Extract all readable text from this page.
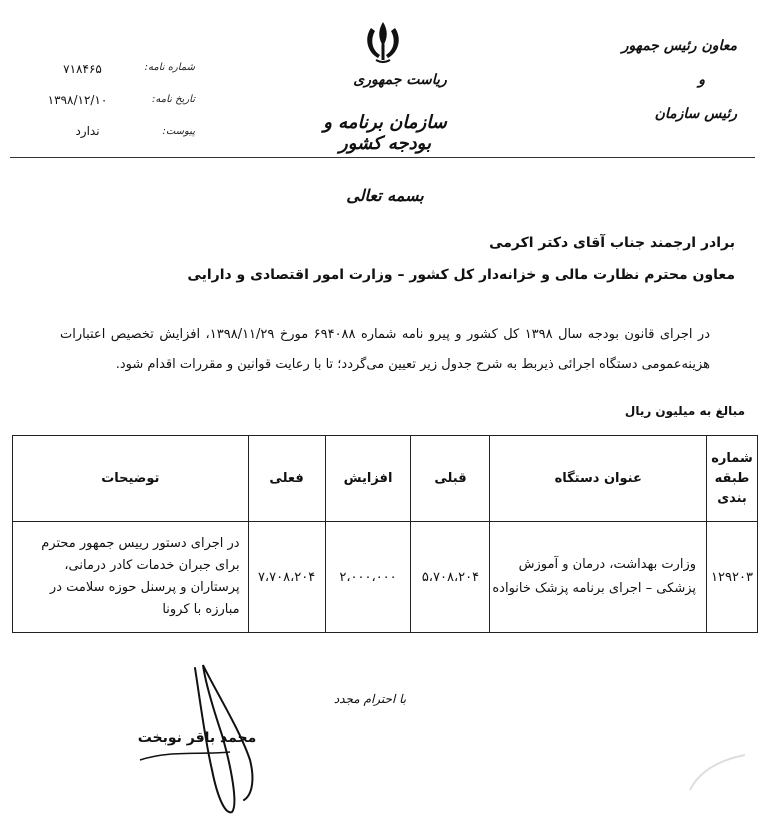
معاون رئیس جمهور
و
رئیس سازمان
ریاست جمهوری
سازمان برنامه و بودجه کشور
شماره نامه:
۷۱۸۴۶۵
تاریخ نامه:
۱۳۹۸/۱۲/۱۰
پیوست:
ندارد
بسمه تعالی
برادر ارجمند جناب آقای دکتر اکرمی
معاون محترم نظارت مالی و خزانه‌دار کل کشور – وزارت امور اقتصادی و دارایی
در اجرای قانون بودجه سال ۱۳۹۸ کل کشور و پیرو نامه شماره ۶۹۴۰۸۸ مورخ ۱۳۹۸/۱۱/۲۹، افزایش تخصیص اعتبارات هزینه‌عمومی دستگاه اجرائی ذیربط به شرح جدول زیر تعیین می‌گردد؛ تا با رعایت قوانین و مقررات اقدام شود.
مبالغ به میلیون ریال
شماره طبقه بندی	عنوان دستگاه	قبلی	افزایش	فعلی	توضیحات
۱۲۹۲۰۳	وزارت بهداشت، درمان و آموزش پزشکی – اجرای برنامه پزشک خانواده	۵،۷۰۸،۲۰۴	۲،۰۰۰،۰۰۰	۷،۷۰۸،۲۰۴	در اجرای دستور رییس جمهور محترم برای جبران خدمات کادر درمانی، پرستاران و پرسنل حوزه سلامت در مبارزه با کرونا
با احترام مجدد
محمد باقر نوبخت
